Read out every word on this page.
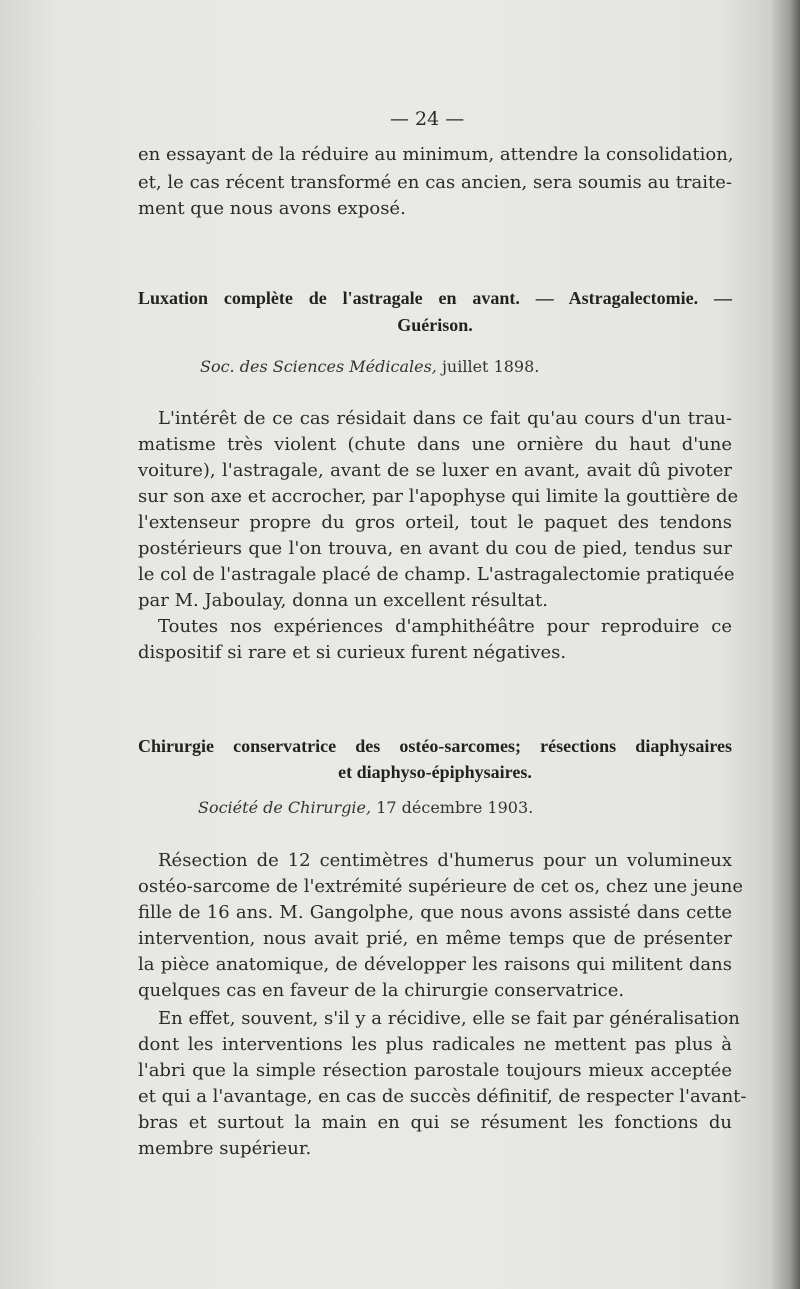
— 24 —
en essayant de la réduire au minimum, attendre la consolidation,
et, le cas récent transformé en cas ancien, sera soumis au traite-
ment que nous avons exposé.
Luxation complète de l'astragale en avant. — Astragalectomie. —
Guérison.
Soc. des Sciences Médicales, juillet 1898.
L'intérêt de ce cas résidait dans ce fait qu'au cours d'un trau-
matisme très violent (chute dans une ornière du haut d'une
voiture), l'astragale, avant de se luxer en avant, avait dû pivoter
sur son axe et accrocher, par l'apophyse qui limite la gouttière de
l'extenseur propre du gros orteil, tout le paquet des tendons
postérieurs que l'on trouva, en avant du cou de pied, tendus sur
le col de l'astragale placé de champ. L'astragalectomie pratiquée
par M. Jaboulay, donna un excellent résultat.
Toutes nos expériences d'amphithéâtre pour reproduire ce
dispositif si rare et si curieux furent négatives.
Chirurgie conservatrice des ostéo-sarcomes; résections diaphysaires
et diaphyso-épiphysaires.
Société de Chirurgie, 17 décembre 1903.
Résection de 12 centimètres d'humerus pour un volumineux
ostéo-sarcome de l'extrémité supérieure de cet os, chez une jeune
fille de 16 ans. M. Gangolphe, que nous avons assisté dans cette
intervention, nous avait prié, en même temps que de présenter
la pièce anatomique, de développer les raisons qui militent dans
quelques cas en faveur de la chirurgie conservatrice.
En effet, souvent, s'il y a récidive, elle se fait par généralisation
dont les interventions les plus radicales ne mettent pas plus à
l'abri que la simple résection parostale toujours mieux acceptée
et qui a l'avantage, en cas de succès définitif, de respecter l'avant-
bras et surtout la main en qui se résument les fonctions du
membre supérieur.
